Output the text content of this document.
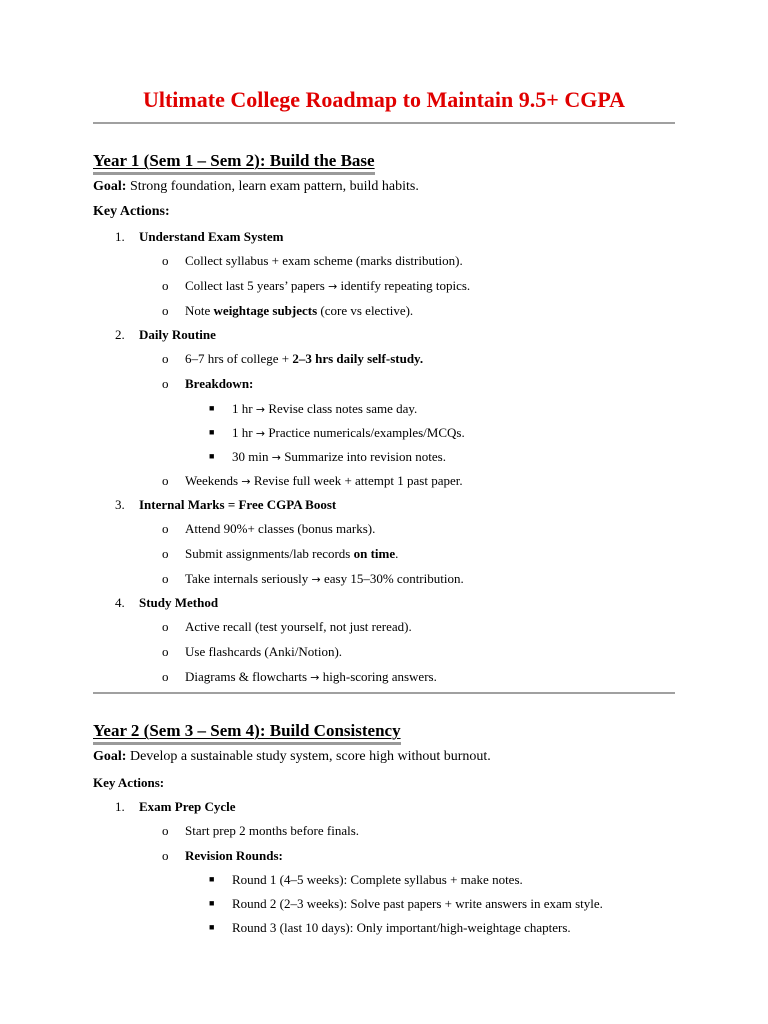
Ultimate College Roadmap to Maintain 9.5+ CGPA
Year 1 (Sem 1 – Sem 2): Build the Base

Goal: Strong foundation, learn exam pattern, build habits.

Key Actions:

1. Understand Exam System
o Collect syllabus + exam scheme (marks distribution).
o Collect last 5 years’ papers → identify repeating topics.
o Note weightage subjects (core vs elective).
2. Daily Routine
o 6–7 hrs of college + 2–3 hrs daily self-study.
o Breakdown:
■ 1 hr → Revise class notes same day.
■ 1 hr → Practice numericals/examples/MCQs.
■ 30 min → Summarize into revision notes.
o Weekends → Revise full week + attempt 1 past paper.
3. Internal Marks = Free CGPA Boost
o Attend 90%+ classes (bonus marks).
o Submit assignments/lab records on time.
o Take internals seriously → easy 15–30% contribution.
4. Study Method
o Active recall (test yourself, not just reread).
o Use flashcards (Anki/Notion).
o Diagrams & flowcharts → high-scoring answers.
Year 2 (Sem 3 – Sem 4): Build Consistency

Goal: Develop a sustainable study system, score high without burnout.

Key Actions:

1. Exam Prep Cycle
o Start prep 2 months before finals.
o Revision Rounds:
■ Round 1 (4–5 weeks): Complete syllabus + make notes.
■ Round 2 (2–3 weeks): Solve past papers + write answers in exam style.
■ Round 3 (last 10 days): Only important/high-weightage chapters.
